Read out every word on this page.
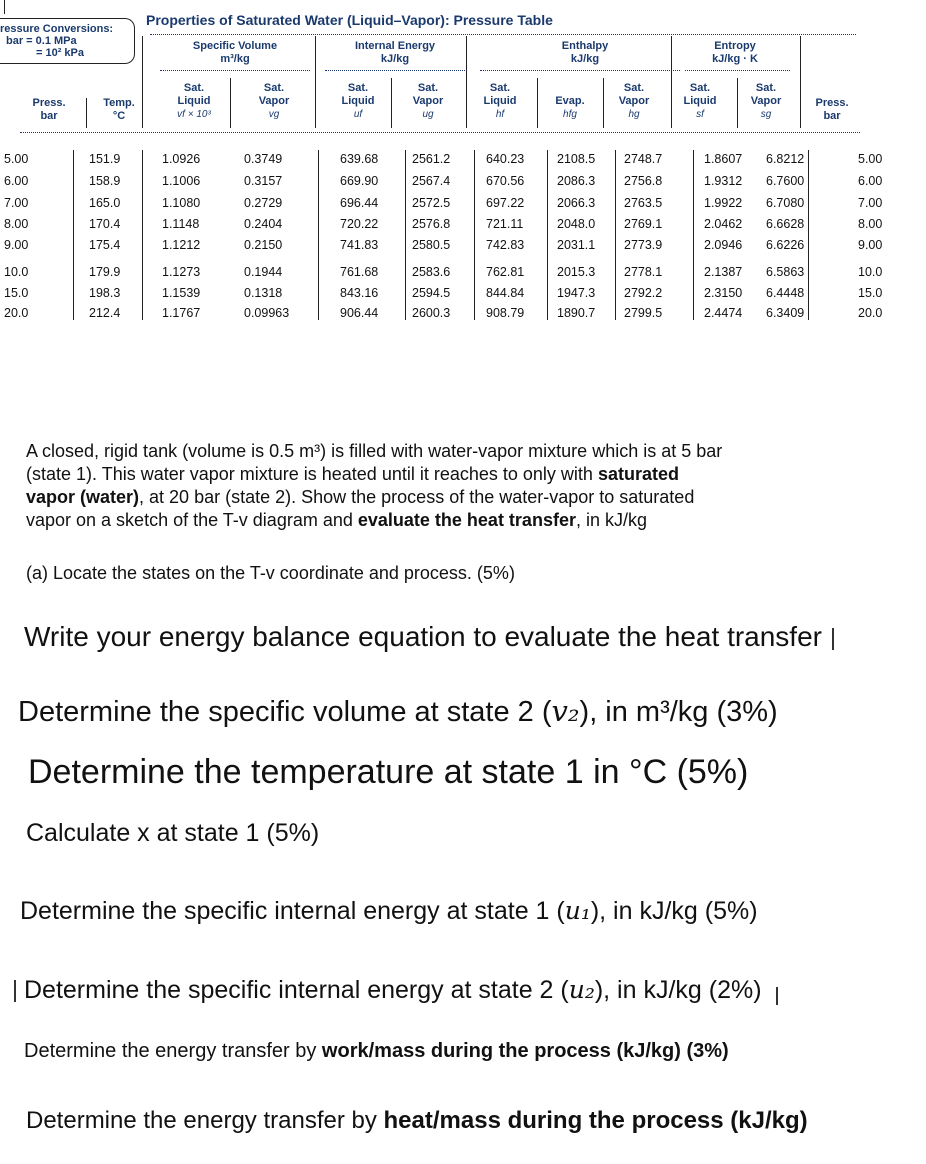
ressure Conversions:
bar = 0.1 MPa
= 10² kPa
Properties of Saturated Water (Liquid–Vapor): Pressure Table
Specific Volume
m³/kg
Internal Energy
kJ/kg
Enthalpy
kJ/kg
Entropy
kJ/kg · K
Press.
bar
Temp.
°C
Sat.
Liquid
vf × 10³
Sat.
Vapor
vg
Sat.
Liquid
uf
Sat.
Vapor
ug
Sat.
Liquid
hf
Evap.
hfg
Sat.
Vapor
hg
Sat.
Liquid
sf
Sat.
Vapor
sg
Press.
bar
5.00	151.9	1.0926	0.3749	639.68	2561.2	640.23	2108.5 2748.7	1.8607 6.8212	5.00
6.00	158.9	1.1006	0.3157	669.90	2567.4	670.56	2086.3 2756.8	1.9312 6.7600	6.00
7.00	165.0	1.1080	0.2729	696.44	2572.5	697.22	2066.3 2763.5	1.9922 6.7080	7.00
8.00	170.4	1.1148	0.2404	720.22	2576.8	721.11	2048.0 2769.1	2.0462 6.6628	8.00
9.00	175.4	1.1212	0.2150	741.83	2580.5	742.83	2031.1 2773.9	2.0946 6.6226	9.00
10.0	179.9	1.1273	0.1944	761.68	2583.6	762.81	2015.3 2778.1	2.1387 6.5863	10.0
15.0	198.3	1.1539	0.1318	843.16	2594.5	844.84	1947.3 2792.2	2.3150 6.4448	15.0
20.0	212.4	1.1767	0.09963	906.44	2600.3	908.79	1890.7 2799.5	2.4474 6.3409	20.0
A closed, rigid tank (volume is 0.5 m³) is filled with water-vapor mixture which is at 5 bar
(state 1). This water vapor mixture is heated until it reaches to only with saturated
vapor (water), at 20 bar (state 2). Show the process of the water-vapor to saturated
vapor on a sketch of the T-v diagram and evaluate the heat transfer, in kJ/kg
(a) Locate the states on the T-v coordinate and process. (5%)
Write your energy balance equation to evaluate the heat transfer
Determine the specific volume at state 2 (v₂), in m³/kg (3%)
Determine the temperature at state 1 in °C (5%)
Calculate x at state 1 (5%)
Determine the specific internal energy at state 1 (u₁), in kJ/kg (5%)
Determine the specific internal energy at state 2 (u₂), in kJ/kg (2%)
Determine the energy transfer by work/mass during the process (kJ/kg) (3%)
Determine the energy transfer by heat/mass during the process (kJ/kg)
